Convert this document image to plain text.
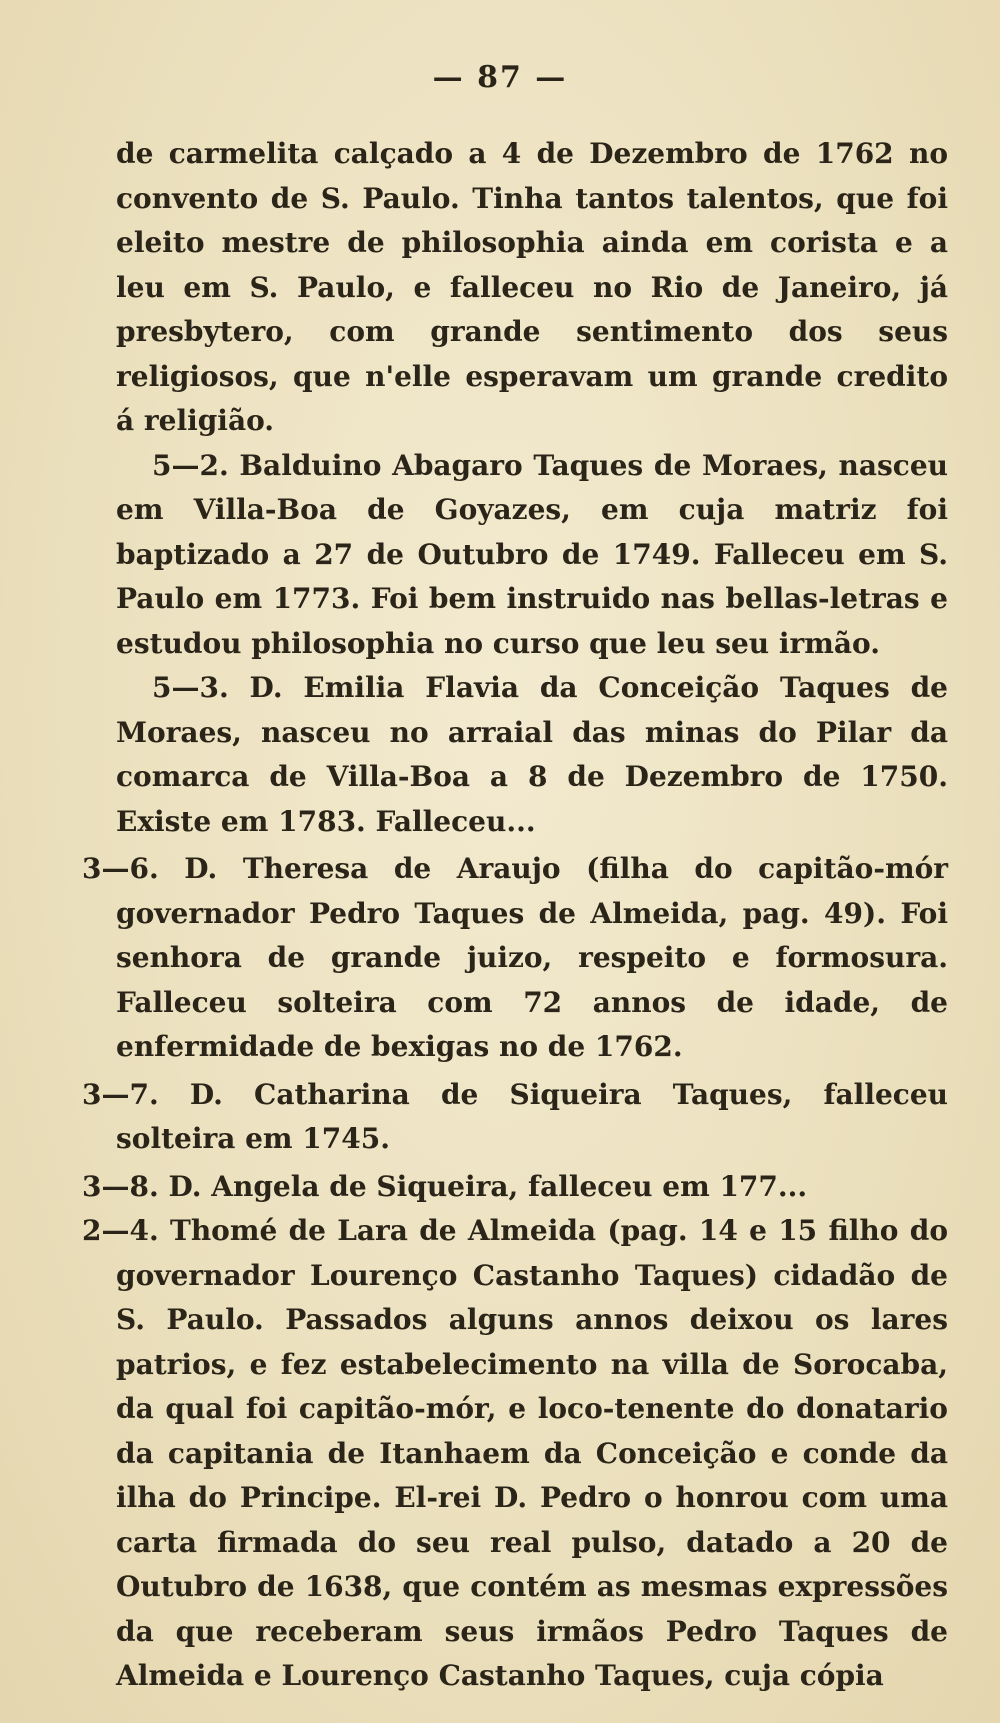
— 87 —

de carmelita calçado a 4 de Dezembro de 1762 no convento de S. Paulo. Tinha tantos talentos, que foi eleito mestre de philosophia ainda em corista e a leu em S. Paulo, e falleceu no Rio de Janeiro, já presbytero, com grande sentimento dos seus religiosos, que n'elle esperavam um grande credito á religião.

5—2. Balduino Abagaro Taques de Moraes, nasceu em Villa-Boa de Goyazes, em cuja matriz foi baptizado a 27 de Outubro de 1749. Falleceu em S. Paulo em 1773. Foi bem instruido nas bellas-letras e estudou philosophia no curso que leu seu irmão.

5—3. D. Emilia Flavia da Conceição Taques de Moraes, nasceu no arraial das minas do Pilar da comarca de Villa-Boa a 8 de Dezembro de 1750. Existe em 1783. Falleceu...

3—6. D. Theresa de Araujo (filha do capitão-mór governador Pedro Taques de Almeida, pag. 49). Foi senhora de grande juizo, respeito e formosura. Falleceu solteira com 72 annos de idade, de enfermidade de bexigas no de 1762.

3—7. D. Catharina de Siqueira Taques, falleceu solteira em 1745.

3—8. D. Angela de Siqueira, falleceu em 177...

2—4. Thomé de Lara de Almeida (pag. 14 e 15 filho do governador Lourenço Castanho Taques) cidadão de S. Paulo. Passados alguns annos deixou os lares patrios, e fez estabelecimento na villa de Sorocaba, da qual foi capitão-mór, e loco-tenente do donatario da capitania de Itanhaem da Conceição e conde da ilha do Principe. El-rei D. Pedro o honrou com uma carta firmada do seu real pulso, datado a 20 de Outubro de 1638, que contém as mesmas expressões da que receberam seus irmãos Pedro Taques de Almeida e Lourenço Castanho Taques, cuja cópia
